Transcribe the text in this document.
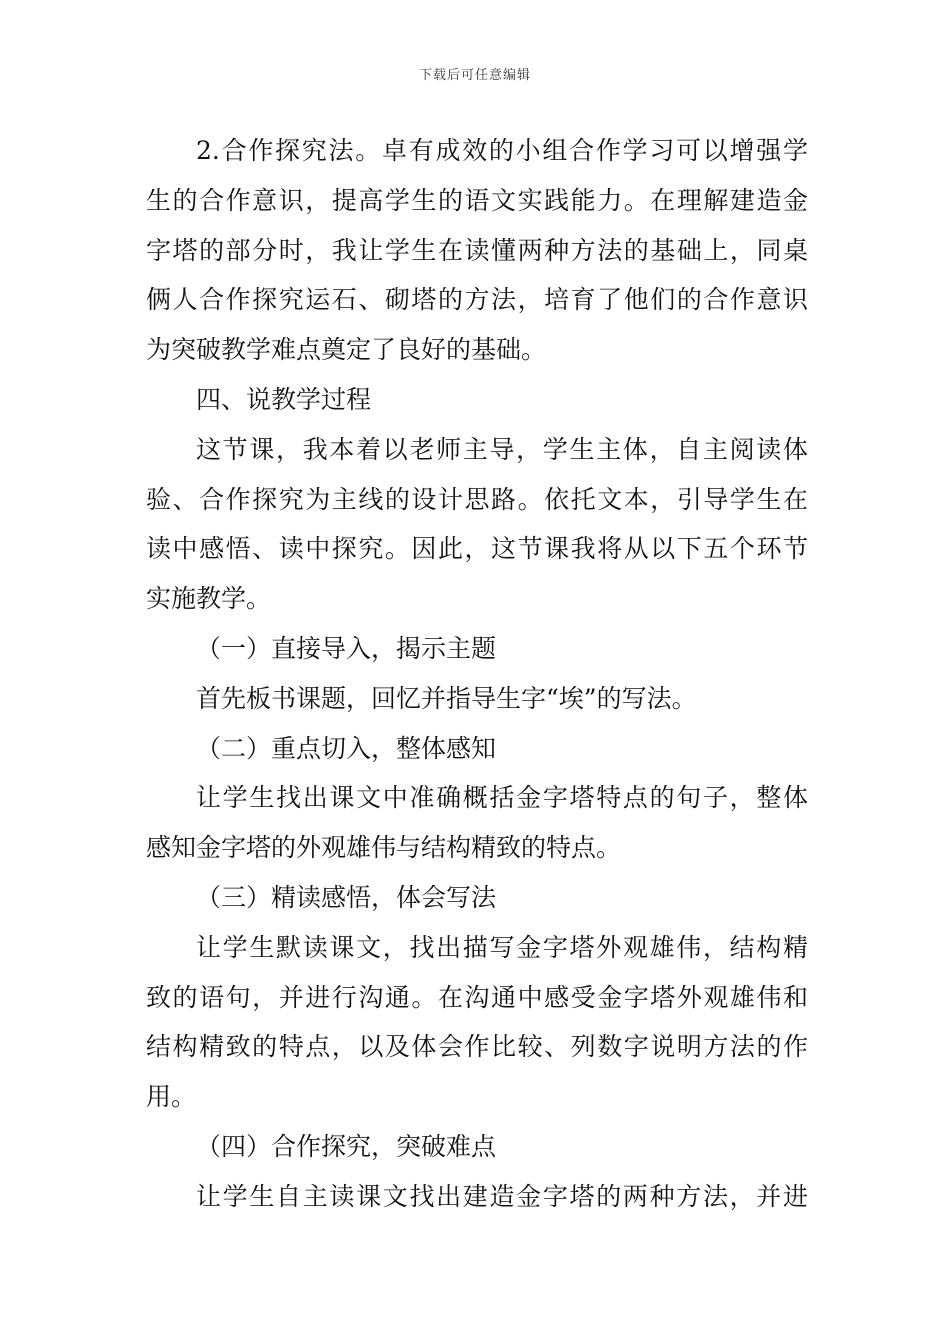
下载后可任意编辑
2.合作探究法。卓有成效的小组合作学习可以增强学
生的合作意识，提高学生的语文实践能力。在理解建造金
字塔的部分时，我让学生在读懂两种方法的基础上，同桌
俩人合作探究运石、砌塔的方法，培育了他们的合作意识
为突破教学难点奠定了良好的基础。
四、说教学过程
这节课，我本着以老师主导，学生主体，自主阅读体
验、合作探究为主线的设计思路。依托文本，引导学生在
读中感悟、读中探究。因此，这节课我将从以下五个环节
实施教学。
（一）直接导入，揭示主题
首先板书课题，回忆并指导生字“埃”的写法。
（二）重点切入，整体感知
让学生找出课文中准确概括金字塔特点的句子，整体
感知金字塔的外观雄伟与结构精致的特点。
（三）精读感悟，体会写法
让学生默读课文，找出描写金字塔外观雄伟，结构精
致的语句，并进行沟通。在沟通中感受金字塔外观雄伟和
结构精致的特点，以及体会作比较、列数字说明方法的作
用。
（四）合作探究，突破难点
让学生自主读课文找出建造金字塔的两种方法，并进
